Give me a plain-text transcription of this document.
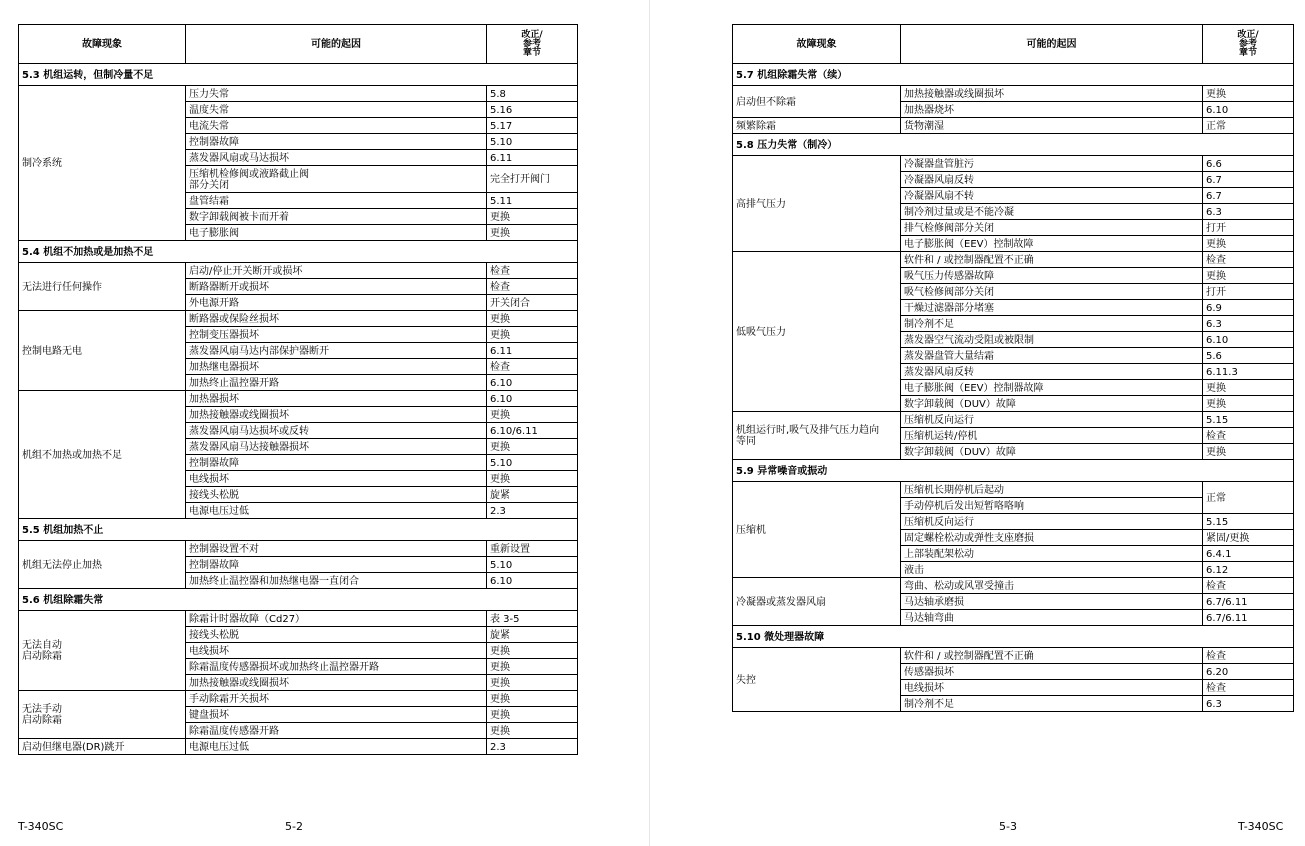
故障现象	可能的起因	改正/
参考
章节
5.3 机组运转，但制冷量不足		
制冷系统	压力失常	5.8
	温度失常	5.16
	电流失常	5.17
	控制器故障	5.10
	蒸发器风扇或马达损坏	6.11
	压缩机检修阀或液路截止阀
部分关闭	完全打开阀门
	盘管结霜	5.11
	数字卸载阀被卡而开着	更换
	电子膨胀阀	更换
5.4 机组不加热或是加热不足		
无法进行任何操作	启动/停止开关断开或损坏	检查
	断路器断开或损坏	检查
	外电源开路	开关闭合
控制电路无电	断路器或保险丝损坏	更换
	控制变压器损坏	更换
	蒸发器风扇马达内部保护器断开	6.11
	加热继电器损坏	检查
	加热终止温控器开路	6.10
机组不加热或加热不足	加热器损坏	6.10
	加热接触器或线圈损坏	更换
	蒸发器风扇马达损坏或反转	6.10/6.11
	蒸发器风扇马达接触器损坏	更换
	控制器故障	5.10
	电线损坏	更换
	接线头松脱	旋紧
	电源电压过低	2.3
5.5 机组加热不止		
机组无法停止加热	控制器设置不对	重新设置
	控制器故障	5.10
	加热终止温控器和加热继电器一直闭合	6.10
5.6 机组除霜失常		
无法自动
启动除霜	除霜计时器故障（Cd27）	表 3-5
	接线头松脱	旋紧
	电线损坏	更换
	除霜温度传感器损坏或加热终止温控器开路	更换
	加热接触器或线圈损坏	更换
无法手动
启动除霜	手动除霜开关损坏	更换
	键盘损坏	更换
	除霜温度传感器开路	更换
启动但继电器(DR)跳开	电源电压过低	2.3
T-340SC	5-2
故障现象	可能的起因	改正/
参考
章节
5.7 机组除霜失常（续）		
启动但不除霜	加热接触器或线圈损坏	更换
	加热器烧坏	6.10
频繁除霜	货物潮湿	正常
5.8 压力失常（制冷）		
高排气压力	冷凝器盘管脏污	6.6
	冷凝器风扇反转	6.7
	冷凝器风扇不转	6.7
	制冷剂过量或是不能冷凝	6.3
	排气检修阀部分关闭	打开
	电子膨胀阀（EEV）控制故障	更换
低吸气压力	软件和 / 或控制器配置不正确	检查
	吸气压力传感器故障	更换
	吸气检修阀部分关闭	打开
	干燥过滤器部分堵塞	6.9
	制冷剂不足	6.3
	蒸发器空气流动受阻或被限制	6.10
	蒸发器盘管大量结霜	5.6
	蒸发器风扇反转	6.11.3
	电子膨胀阀（EEV）控制器故障	更换
	数字卸载阀（DUV）故障	更换
机组运行时,吸气及排气压力趋向
等同	压缩机反向运行	5.15
	压缩机运转/停机	检查
	数字卸载阀（DUV）故障	更换
5.9 异常噪音或振动		
压缩机	压缩机长期停机后起动	正常
	手动停机后发出短暂咯咯响	
	压缩机反向运行	5.15
	固定螺栓松动或弹性支座磨损	紧固/更换
	上部装配架松动	6.4.1
	液击	6.12
冷凝器或蒸发器风扇	弯曲、松动或风罩受撞击	检查
	马达轴承磨损	6.7/6.11
	马达轴弯曲	6.7/6.11
5.10 微处理器故障		
失控	软件和 / 或控制器配置不正确	检查
	传感器损坏	6.20
	电线损坏	检查
	制冷剂不足	6.3
5-3	T-340SC
